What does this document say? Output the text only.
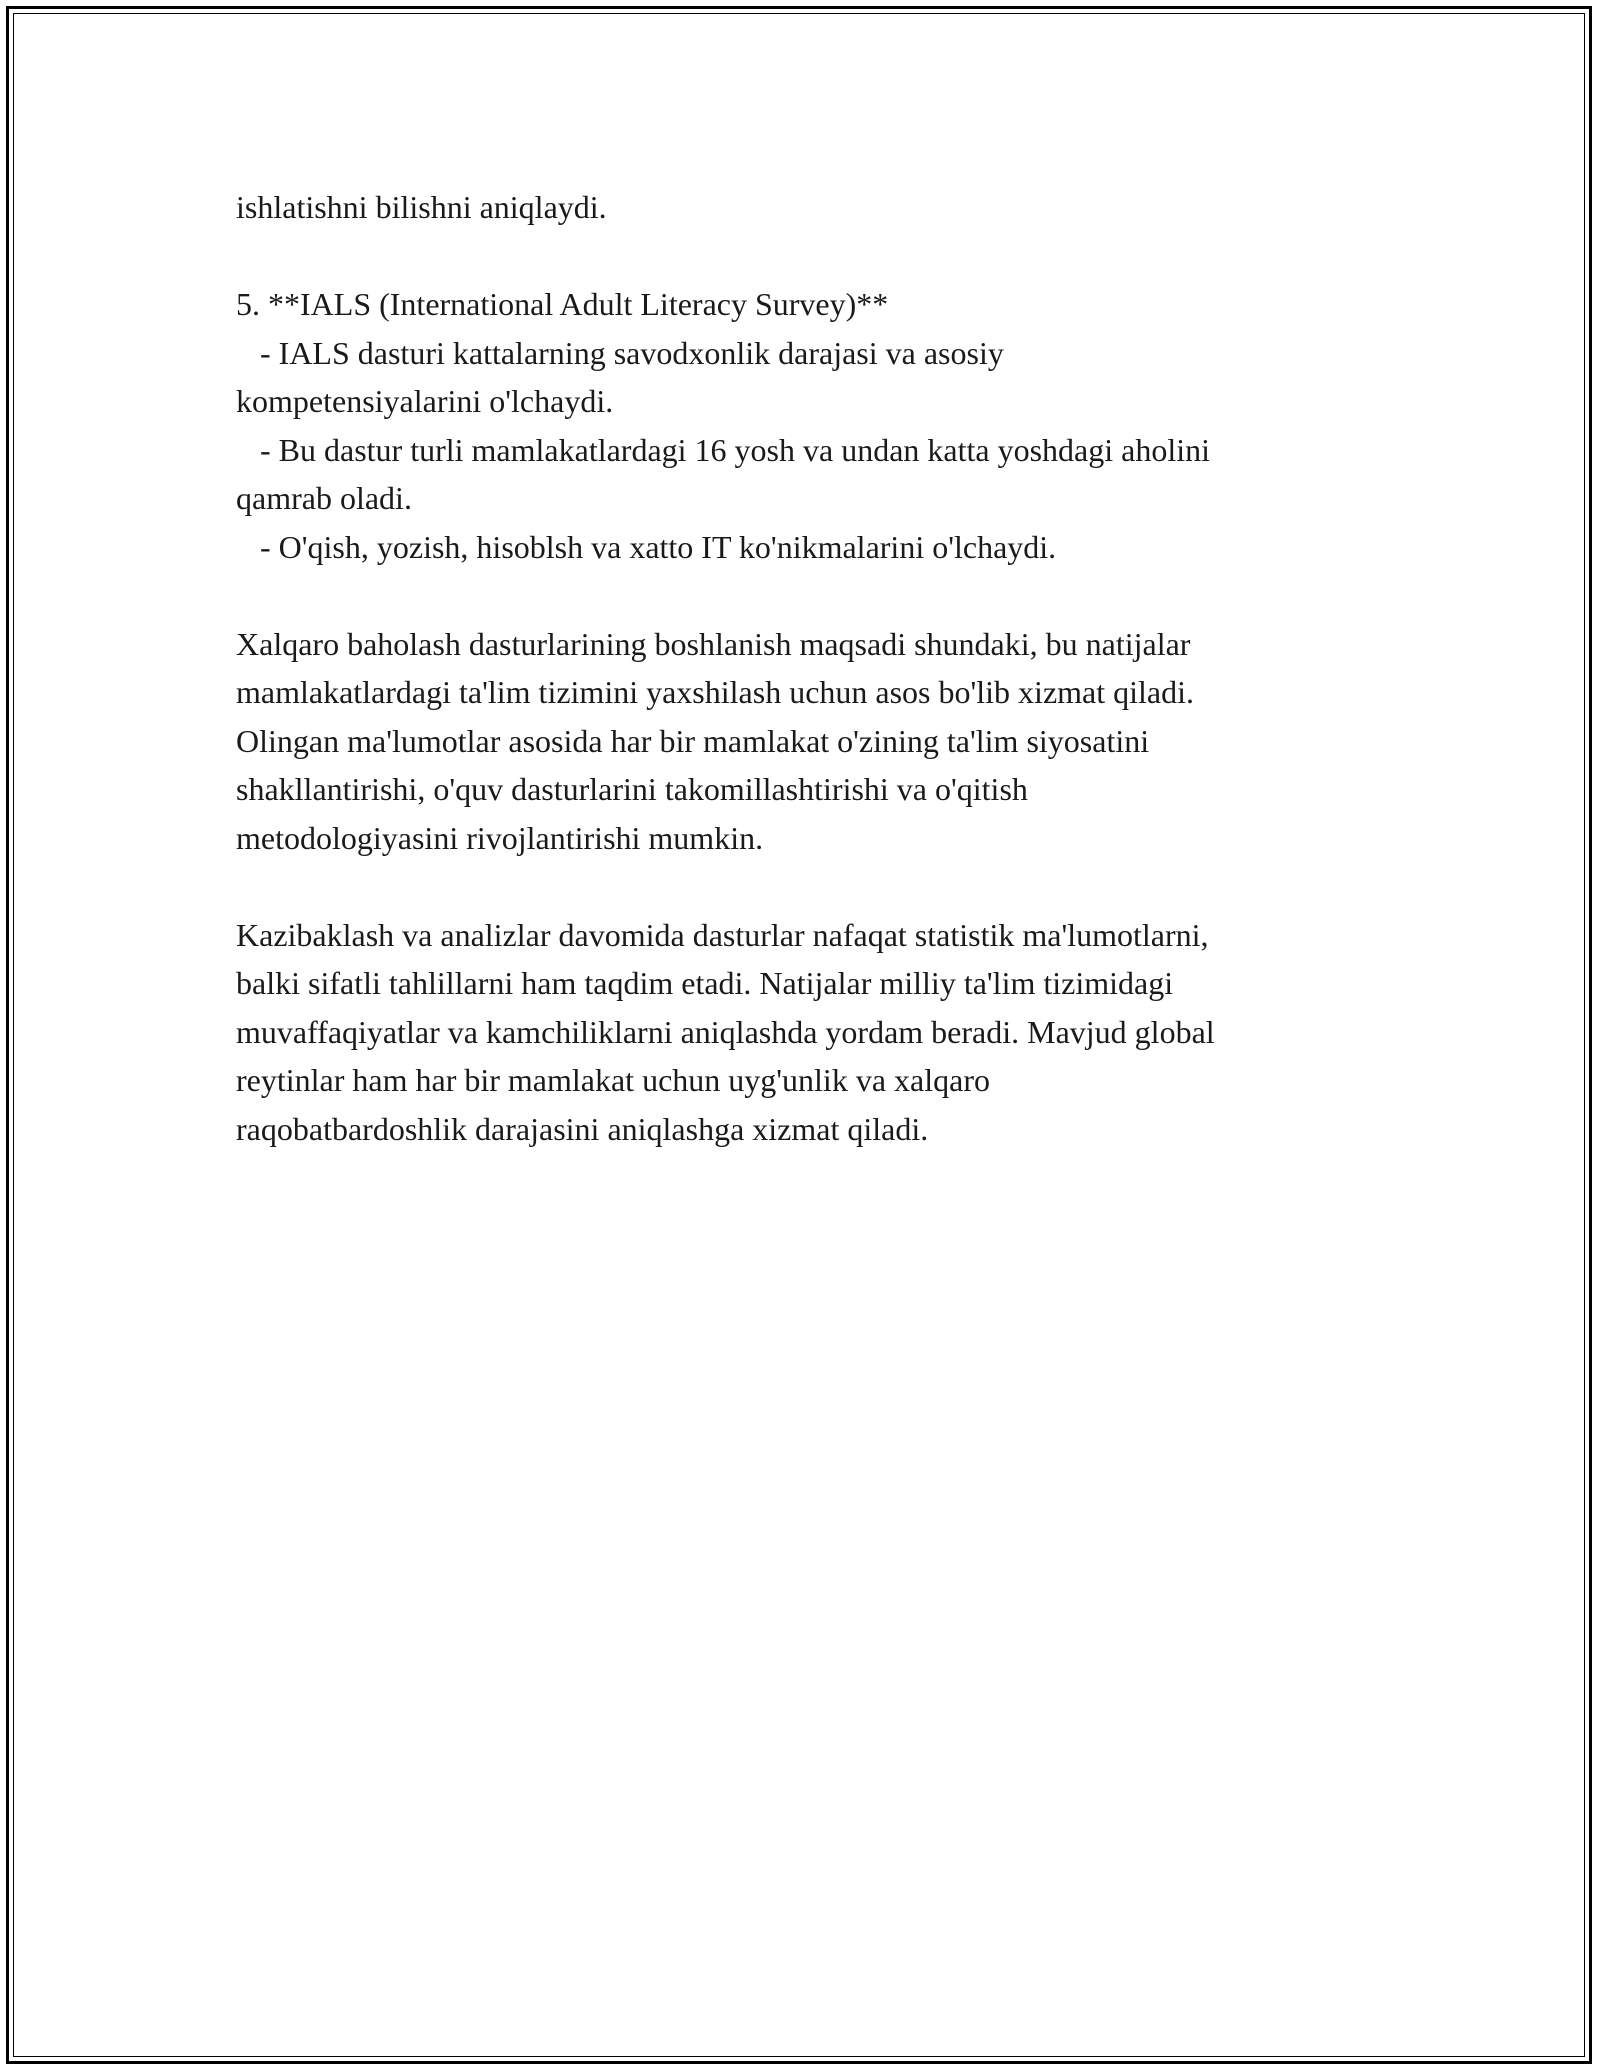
ishlatishni bilishni aniqlaydi.
5. **IALS (International Adult Literacy Survey)**
- IALS dasturi kattalarning savodxonlik darajasi va asosiy
kompetensiyalarini o'lchaydi.
- Bu dastur turli mamlakatlardagi 16 yosh va undan katta yoshdagi aholini
qamrab oladi.
- O'qish, yozish, hisoblsh va xatto IT ko'nikmalarini o'lchaydi.
Xalqaro baholash dasturlarining boshlanish maqsadi shundaki, bu natijalar
mamlakatlardagi ta'lim tizimini yaxshilash uchun asos bo'lib xizmat qiladi.
Olingan ma'lumotlar asosida har bir mamlakat o'zining ta'lim siyosatini
shakllantirishi, o'quv dasturlarini takomillashtirishi va o'qitish
metodologiyasini rivojlantirishi mumkin.
Kazibaklash va analizlar davomida dasturlar nafaqat statistik ma'lumotlarni,
balki sifatli tahlillarni ham taqdim etadi. Natijalar milliy ta'lim tizimidagi
muvaffaqiyatlar va kamchiliklarni aniqlashda yordam beradi. Mavjud global
reytinlar ham har bir mamlakat uchun uyg'unlik va xalqaro
raqobatbardoshlik darajasini aniqlashga xizmat qiladi.
